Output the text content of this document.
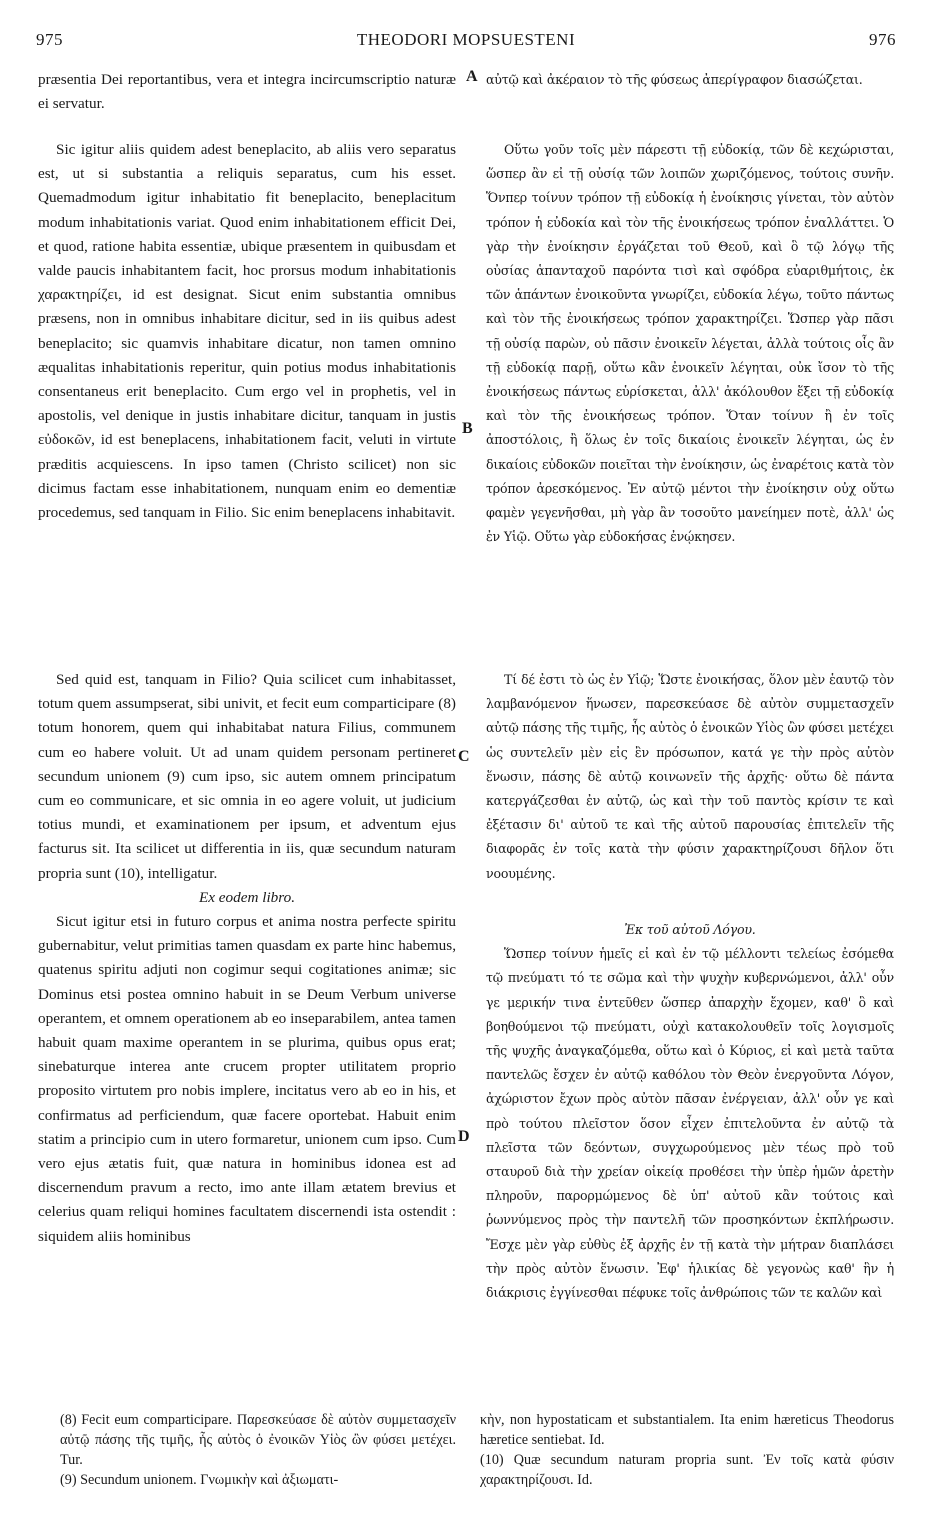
975	THEODORI MOPSUESTENI	976
A
B
C
D

præsentia Dei reportantibus, vera et integra incircumscriptio naturæ ei servatur.

Sic igitur aliis quidem adest beneplacito, ab aliis vero separatus est, ut si substantia a reliquis separatus, cum his esset. Quemadmodum igitur inhabitatio fit beneplacito, beneplacitum modum inhabitationis variat. Quod enim inhabitationem efficit Dei, et quod, ratione habita essentiæ, ubique præsentem in quibusdam et valde paucis inhabitantem facit, hoc prorsus modum inhabitationis χαρακτηρίζει, id est designat. Sicut enim substantia omnibus præsens, non in omnibus inhabitare dicitur, sed in iis quibus adest beneplacito; sic quamvis inhabitare dicatur, non tamen omnino æqualitas inhabitationis reperitur, quin potius modus inhabitationis consentaneus erit beneplacito. Cum ergo vel in prophetis, vel in apostolis, vel denique in justis inhabitare dicitur, tanquam in justis εὐδοκῶν, id est beneplacens, inhabitationem facit, veluti in virtute præditis acquiescens. In ipso tamen (Christo scilicet) non sic dicimus factam esse inhabitationem, nunquam enim eo dementiæ procedemus, sed tanquam in Filio. Sic enim beneplacens inhabitavit.

Sed quid est, tanquam in Filio? Quia scilicet cum inhabitasset, totum quem assumpserat, sibi univit, et fecit eum comparticipare (8) totum honorem, quem qui inhabitabat natura Filius, communem cum eo habere voluit. Ut ad unam quidem personam pertineret secundum unionem (9) cum ipso, sic autem omnem principatum cum eo communicare, et sic omnia in eo agere voluit, ut judicium totius mundi, et examinationem per ipsum, et adventum ejus facturus sit. Ita scilicet ut differentia in iis, quæ secundum naturam propria sunt (10), intelligatur.

Ex eodem libro.

Sicut igitur etsi in futuro corpus et anima nostra perfecte spiritu gubernabitur, velut primitias tamen quasdam ex parte hinc habemus, quatenus spiritu adjuti non cogimur sequi cogitationes animæ; sic Dominus etsi postea omnino habuit in se Deum Verbum universe operantem, et omnem operationem ab eo inseparabilem, antea tamen habuit quam maxime operantem in se plurima, quibus opus erat; sinebaturque interea ante crucem propter utilitatem proprio proposito virtutem pro nobis implere, incitatus vero ab eo in his, et confirmatus ad perficiendum, quæ facere oportebat. Habuit enim statim a principio cum in utero formaretur, unionem cum ipso. Cum vero ejus ætatis fuit, quæ natura in hominibus idonea est ad discernendum pravum a recto, imo ante illam ætatem brevius et celerius quam reliqui homines facultatem discernendi ista ostendit : siquidem aliis hominibus

αὐτῷ καὶ ἀκέραιον τὸ τῆς φύσεως ἀπερίγραφον διασώζεται.

Οὕτω γοῦν τοῖς μὲν πάρεστι τῇ εὐδοκίᾳ, τῶν δὲ κεχώρισται, ὥσπερ ἂν εἰ τῇ οὐσίᾳ τῶν λοιπῶν χωριζόμενος, τούτοις συνῆν. Ὅνπερ τοίνυν τρόπον τῇ εὐδοκίᾳ ἡ ἐνοίκησις γίνεται, τὸν αὐτὸν τρόπον ἡ εὐδοκία καὶ τὸν τῆς ἐνοικήσεως τρόπον ἐναλλάττει. Ὁ γὰρ τὴν ἐνοίκησιν ἐργάζεται τοῦ Θεοῦ, καὶ ὃ τῷ λόγῳ τῆς οὐσίας ἁπανταχοῦ παρόντα τισὶ καὶ σφόδρα εὐαριθμήτοις, ἐκ τῶν ἁπάντων ἐνοικοῦντα γνωρίζει, εὐδοκία λέγω, τοῦτο πάντως καὶ τὸν τῆς ἐνοικήσεως τρόπον χαρακτηρίζει. Ὥσπερ γὰρ πᾶσι τῇ οὐσίᾳ παρὼν, οὐ πᾶσιν ἐνοικεῖν λέγεται, ἀλλὰ τούτοις οἷς ἂν τῇ εὐδοκίᾳ παρῇ, οὕτω κἂν ἐνοικεῖν λέγηται, οὐκ ἴσον τὸ τῆς ἐνοικήσεως πάντως εὑρίσκεται, ἀλλ' ἀκόλουθον ἕξει τῇ εὐδοκίᾳ καὶ τὸν τῆς ἐνοικήσεως τρόπον. Ὅταν τοίνυν ἢ ἐν τοῖς ἀποστόλοις, ἢ ὅλως ἐν τοῖς δικαίοις ἐνοικεῖν λέγηται, ὡς ἐν δικαίοις εὐδοκῶν ποιεῖται τὴν ἐνοίκησιν, ὡς ἐναρέτοις κατὰ τὸν τρόπον ἀρεσκόμενος. Ἐν αὐτῷ μέντοι τὴν ἐνοίκησιν οὐχ οὕτω φαμὲν γεγενῆσθαι, μὴ γὰρ ἂν τοσοῦτο μανείημεν ποτὲ, ἀλλ' ὡς ἐν Υἱῷ. Οὕτω γὰρ εὐδοκήσας ἐνῴκησεν.

Τί δέ ἐστι τὸ ὡς ἐν Υἱῷ; Ὥστε ἐνοικήσας, ὅλον μὲν ἑαυτῷ τὸν λαμβανόμενον ἥνωσεν, παρεσκεύασε δὲ αὐτὸν συμμετασχεῖν αὐτῷ πάσης τῆς τιμῆς, ἧς αὐτὸς ὁ ἐνοικῶν Υἱὸς ὢν φύσει μετέχει ὡς συντελεῖν μὲν εἰς ἓν πρόσωπον, κατά γε τὴν πρὸς αὐτὸν ἕνωσιν, πάσης δὲ αὐτῷ κοινωνεῖν τῆς ἀρχῆς· οὕτω δὲ πάντα κατεργάζεσθαι ἐν αὐτῷ, ὡς καὶ τὴν τοῦ παντὸς κρίσιν τε καὶ ἐξέτασιν δι' αὐτοῦ τε καὶ τῆς αὐτοῦ παρουσίας ἐπιτελεῖν τῆς διαφορᾶς ἐν τοῖς κατὰ τὴν φύσιν χαρακτηρίζουσι δῆλον ὅτι νοουμένης.

Ἐκ τοῦ αὐτοῦ Λόγου.

Ὥσπερ τοίνυν ἡμεῖς εἰ καὶ ἐν τῷ μέλλοντι τελείως ἐσόμεθα τῷ πνεύματι τό τε σῶμα καὶ τὴν ψυχὴν κυβερνώμενοι, ἀλλ' οὖν γε μερικήν τινα ἐντεῦθεν ὥσπερ ἀπαρχὴν ἔχομεν, καθ' ὃ καὶ βοηθούμενοι τῷ πνεύματι, οὐχὶ κατακολουθεῖν τοῖς λογισμοῖς τῆς ψυχῆς ἀναγκαζόμεθα, οὕτω καὶ ὁ Κύριος, εἰ καὶ μετὰ ταῦτα παντελῶς ἔσχεν ἐν αὐτῷ καθόλου τὸν Θεὸν ἐνεργοῦντα Λόγον, ἀχώριστον ἔχων πρὸς αὐτὸν πᾶσαν ἐνέργειαν, ἀλλ' οὖν γε καὶ πρὸ τούτου πλεῖστον ὅσον εἶχεν ἐπιτελοῦντα ἐν αὐτῷ τὰ πλεῖστα τῶν δεόντων, συγχωρούμενος μὲν τέως πρὸ τοῦ σταυροῦ διὰ τὴν χρείαν οἰκείᾳ προθέσει τὴν ὑπὲρ ἡμῶν ἀρετὴν πληροῦν, παρορμώμενος δὲ ὑπ' αὐτοῦ κἂν τούτοις καὶ ῥωννύμενος πρὸς τὴν παντελῆ τῶν προσηκόντων ἐκπλήρωσιν. Ἔσχε μὲν γὰρ εὐθὺς ἐξ ἀρχῆς ἐν τῇ κατὰ τὴν μήτραν διαπλάσει τὴν πρὸς αὐτὸν ἕνωσιν. Ἐφ' ἡλικίας δὲ γεγονὼς καθ' ἣν ἡ διάκρισις ἐγγίνεσθαι πέφυκε τοῖς ἀνθρώποις τῶν τε καλῶν καὶ

(8) Fecit eum comparticipare. Παρεσκεύασε δὲ αὐτὸν συμμετασχεῖν αὐτῷ πάσης τῆς τιμῆς, ἧς αὐτὸς ὁ ἐνοικῶν Υἱὸς ὢν φύσει μετέχει. Tur.

(9) Secundum unionem. Γνωμικὴν καὶ ἀξιωματι-

κὴν, non hypostaticam et substantialem. Ita enim hæreticus Theodorus hæretice sentiebat. Id.

(10) Quæ secundum naturam propria sunt. Ἐν τοῖς κατὰ φύσιν χαρακτηρίζουσι. Id.
